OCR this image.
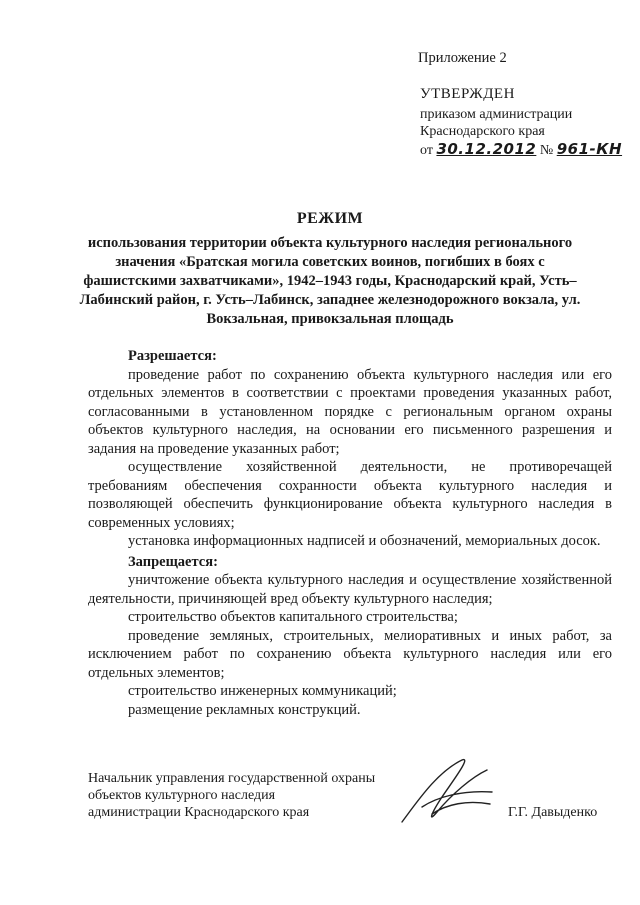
Приложение 2
УТВЕРЖДЕН
приказом администрации
Краснодарского края
от 30.12.2012 № 961-КН
РЕЖИМ
использования территории объекта культурного наследия регионального значения «Братская могила советских воинов, погибших в боях с фашистскими захватчиками», 1942–1943 годы, Краснодарский край, Усть–Лабинский район, г. Усть–Лабинск, западнее железнодорожного вокзала, ул. Вокзальная, привокзальная площадь
Разрешается:

проведение работ по сохранению объекта культурного наследия или его отдельных элементов в соответствии с проектами проведения указанных работ, согласованными в установленном порядке с региональным органом охраны объектов культурного наследия, на основании его письменного разрешения и задания на проведение указанных работ;

осуществление хозяйственной деятельности, не противоречащей требованиям обеспечения сохранности объекта культурного наследия и позволяющей обеспечить функционирование объекта культурного наследия в современных условиях;

установка информационных надписей и обозначений, мемориальных досок.

Запрещается:

уничтожение объекта культурного наследия и осуществление хозяйственной деятельности, причиняющей вред объекту культурного наследия;

строительство объектов капитального строительства;

проведение земляных, строительных, мелиоративных и иных работ, за исключением работ по сохранению объекта культурного наследия или его отдельных элементов;

строительство инженерных коммуникаций;

размещение рекламных конструкций.

Начальник управления государственной охраны
объектов культурного наследия
администрации Краснодарского края	Г.Г. Давыденко
